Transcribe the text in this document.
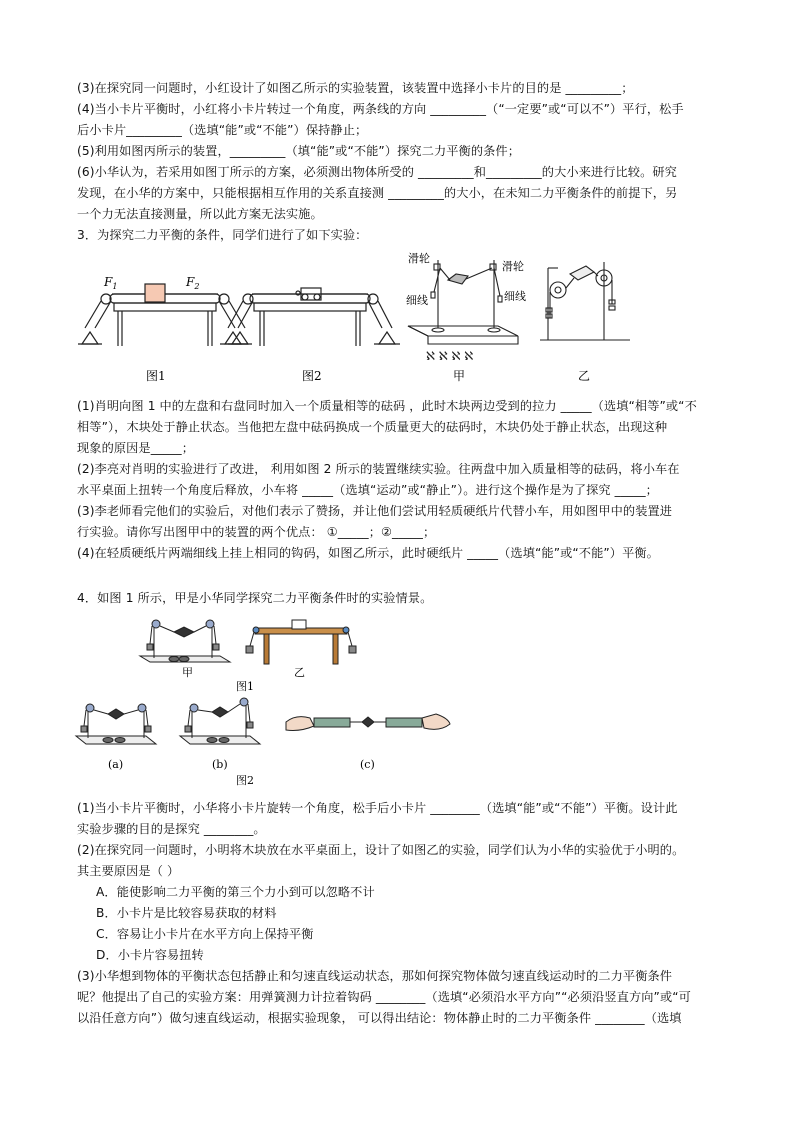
(3)在探究同一问题时，小红设计了如图乙所示的实验装置，该装置中选择小卡片的目的是 _________；
(4)当小卡片平衡时，小红将小卡片转过一个角度，两条线的方向 _________（“一定要”或“可以不”）平行，松手
后小卡片_________（选填“能”或“不能”）保持静止；
(5)利用如图丙所示的装置，_________（填“能”或“不能”）探究二力平衡的条件；
(6)小华认为，若采用如图丁所示的方案，必须测出物体所受的 _________和_________的大小来进行比较。研究
发现，在小华的方案中，只能根据相互作用的关系直接测 _________的大小，在未知二力平衡条件的前提下，另
一个力无法直接测量，所以此方案无法实施。
3．为探究二力平衡的条件，同学们进行了如下实验：
$F_1$	$F_2$
图1	图2
ℵ ℵ ℵ ℵ
滑轮
滑轮
细线	细线
甲	乙
(1)肖明向图 1 中的左盘和右盘同时加入一个质量相等的砝码 ，此时木块两边受到的拉力 _____（选填“相等”或“不
相等”），木块处于静止状态。当他把左盘中砝码换成一个质量更大的砝码时，木块仍处于静止状态，出现这种
现象的原因是_____；
(2)李亮对肖明的实验进行了改进， 利用如图 2 所示的装置继续实验。往两盘中加入质量相等的砝码，将小车在
水平桌面上扭转一个角度后释放，小车将 _____（选填“运动”或“静止”）。进行这个操作是为了探究 _____；
(3)李老师看完他们的实验后，对他们表示了赞扬，并让他们尝试用轻质硬纸片代替小车，用如图甲中的装置进
行实验。请你写出图甲中的装置的两个优点： ①_____；②_____；
(4)在轻质硬纸片两端细线上挂上相同的钩码，如图乙所示，此时硬纸片 _____（选填“能”或“不能”）平衡。
4．如图 1 所示，甲是小华同学探究二力平衡条件时的实验情景。
甲	乙
图1
(a)	(b)	(c)
图2
(1)当小卡片平衡时，小华将小卡片旋转一个角度，松手后小卡片 ________（选填“能”或“不能”）平衡。设计此
实验步骤的目的是探究 ________。
(2)在探究同一问题时，小明将木块放在水平桌面上，设计了如图乙的实验，同学们认为小华的实验优于小明的。
其主要原因是（ ）
A．能使影响二力平衡的第三个力小到可以忽略不计
B．小卡片是比较容易获取的材料
C．容易让小卡片在水平方向上保持平衡
D．小卡片容易扭转
(3)小华想到物体的平衡状态包括静止和匀速直线运动状态，那如何探究物体做匀速直线运动时的二力平衡条件
呢？他提出了自己的实验方案：用弹簧测力计拉着钩码 ________（选填“必须沿水平方向”“必须沿竖直方向”或“可
以沿任意方向”）做匀速直线运动，根据实验现象， 可以得出结论：物体静止时的二力平衡条件 ________（选填
